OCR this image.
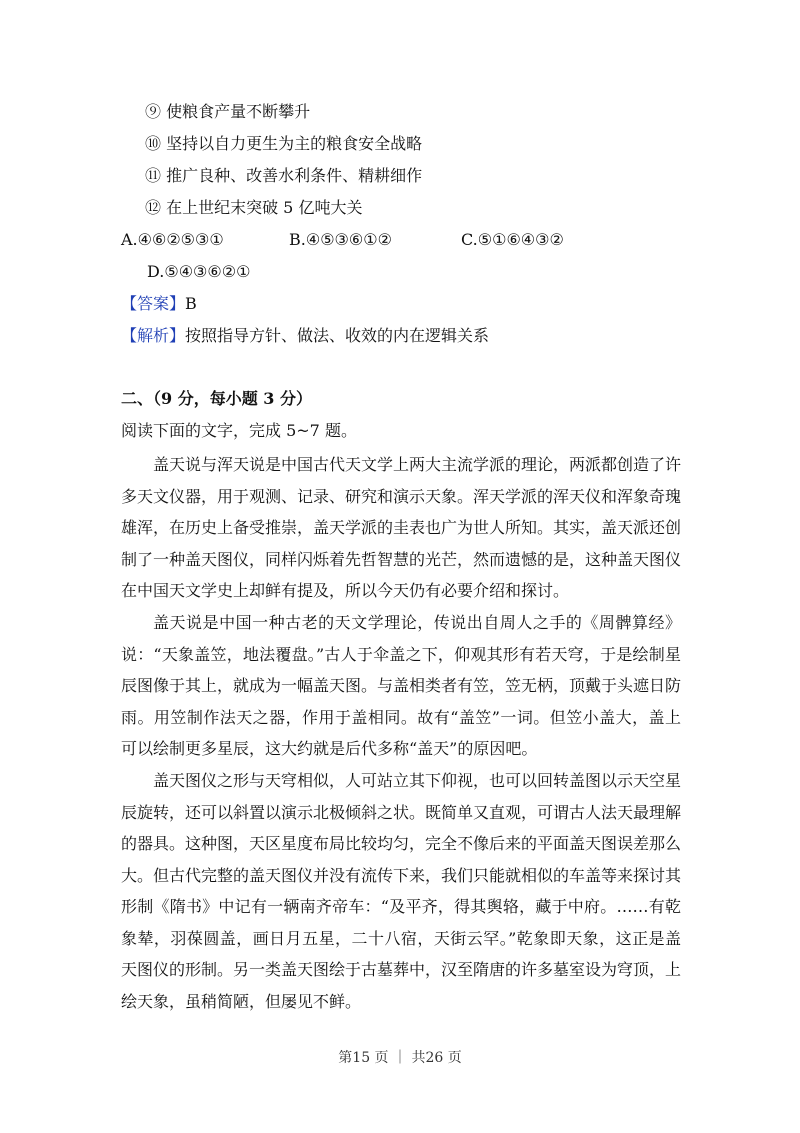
⑨ 使粮食产量不断攀升
⑩ 坚持以自力更生为主的粮食安全战略
⑪ 推广良种、改善水利条件、精耕细作
⑫ 在上世纪末突破 5 亿吨大关
A.④⑥②⑤③①	B.④⑤③⑥①②	C.⑤①⑥④③②
D.⑤④③⑥②①
【答案】B
【解析】按照指导方针、做法、收效的内在逻辑关系
二、（9 分，每小题 3 分）
阅读下面的文字，完成 5~7 题。

盖天说与浑天说是中国古代天文学上两大主流学派的理论，两派都创造了许多天文仪器，用于观测、记录、研究和演示天象。浑天学派的浑天仪和浑象奇瑰雄浑，在历史上备受推崇，盖天学派的圭表也广为世人所知。其实，盖天派还创制了一种盖天图仪，同样闪烁着先哲智慧的光芒，然而遗憾的是，这种盖天图仪在中国天文学史上却鲜有提及，所以今天仍有必要介绍和探讨。

盖天说是中国一种古老的天文学理论，传说出自周人之手的《周髀算经》说：“天象盖笠，地法覆盘。”古人于伞盖之下，仰观其形有若天穹，于是绘制星辰图像于其上，就成为一幅盖天图。与盖相类者有笠，笠无柄，顶戴于头遮日防雨。用笠制作法天之器，作用于盖相同。故有“盖笠”一词。但笠小盖大，盖上可以绘制更多星辰，这大约就是后代多称“盖天”的原因吧。

盖天图仪之形与天穹相似，人可站立其下仰视，也可以回转盖图以示天空星辰旋转，还可以斜置以演示北极倾斜之状。既简单又直观，可谓古人法天最理解的器具。这种图，天区星度布局比较均匀，完全不像后来的平面盖天图误差那么大。但古代完整的盖天图仪并没有流传下来，我们只能就相似的车盖等来探讨其形制《隋书》中记有一辆南齐帝车：“及平齐，得其舆辂，藏于中府。……有乾象辇，羽葆圆盖，画日月五星，二十八宿，天街云罕。”乾象即天象，这正是盖天图仪的形制。另一类盖天图绘于古墓葬中，汉至隋唐的许多墓室设为穹顶，上绘天象，虽稍简陋，但屡见不鲜。

第15 页 ｜ 共26 页
